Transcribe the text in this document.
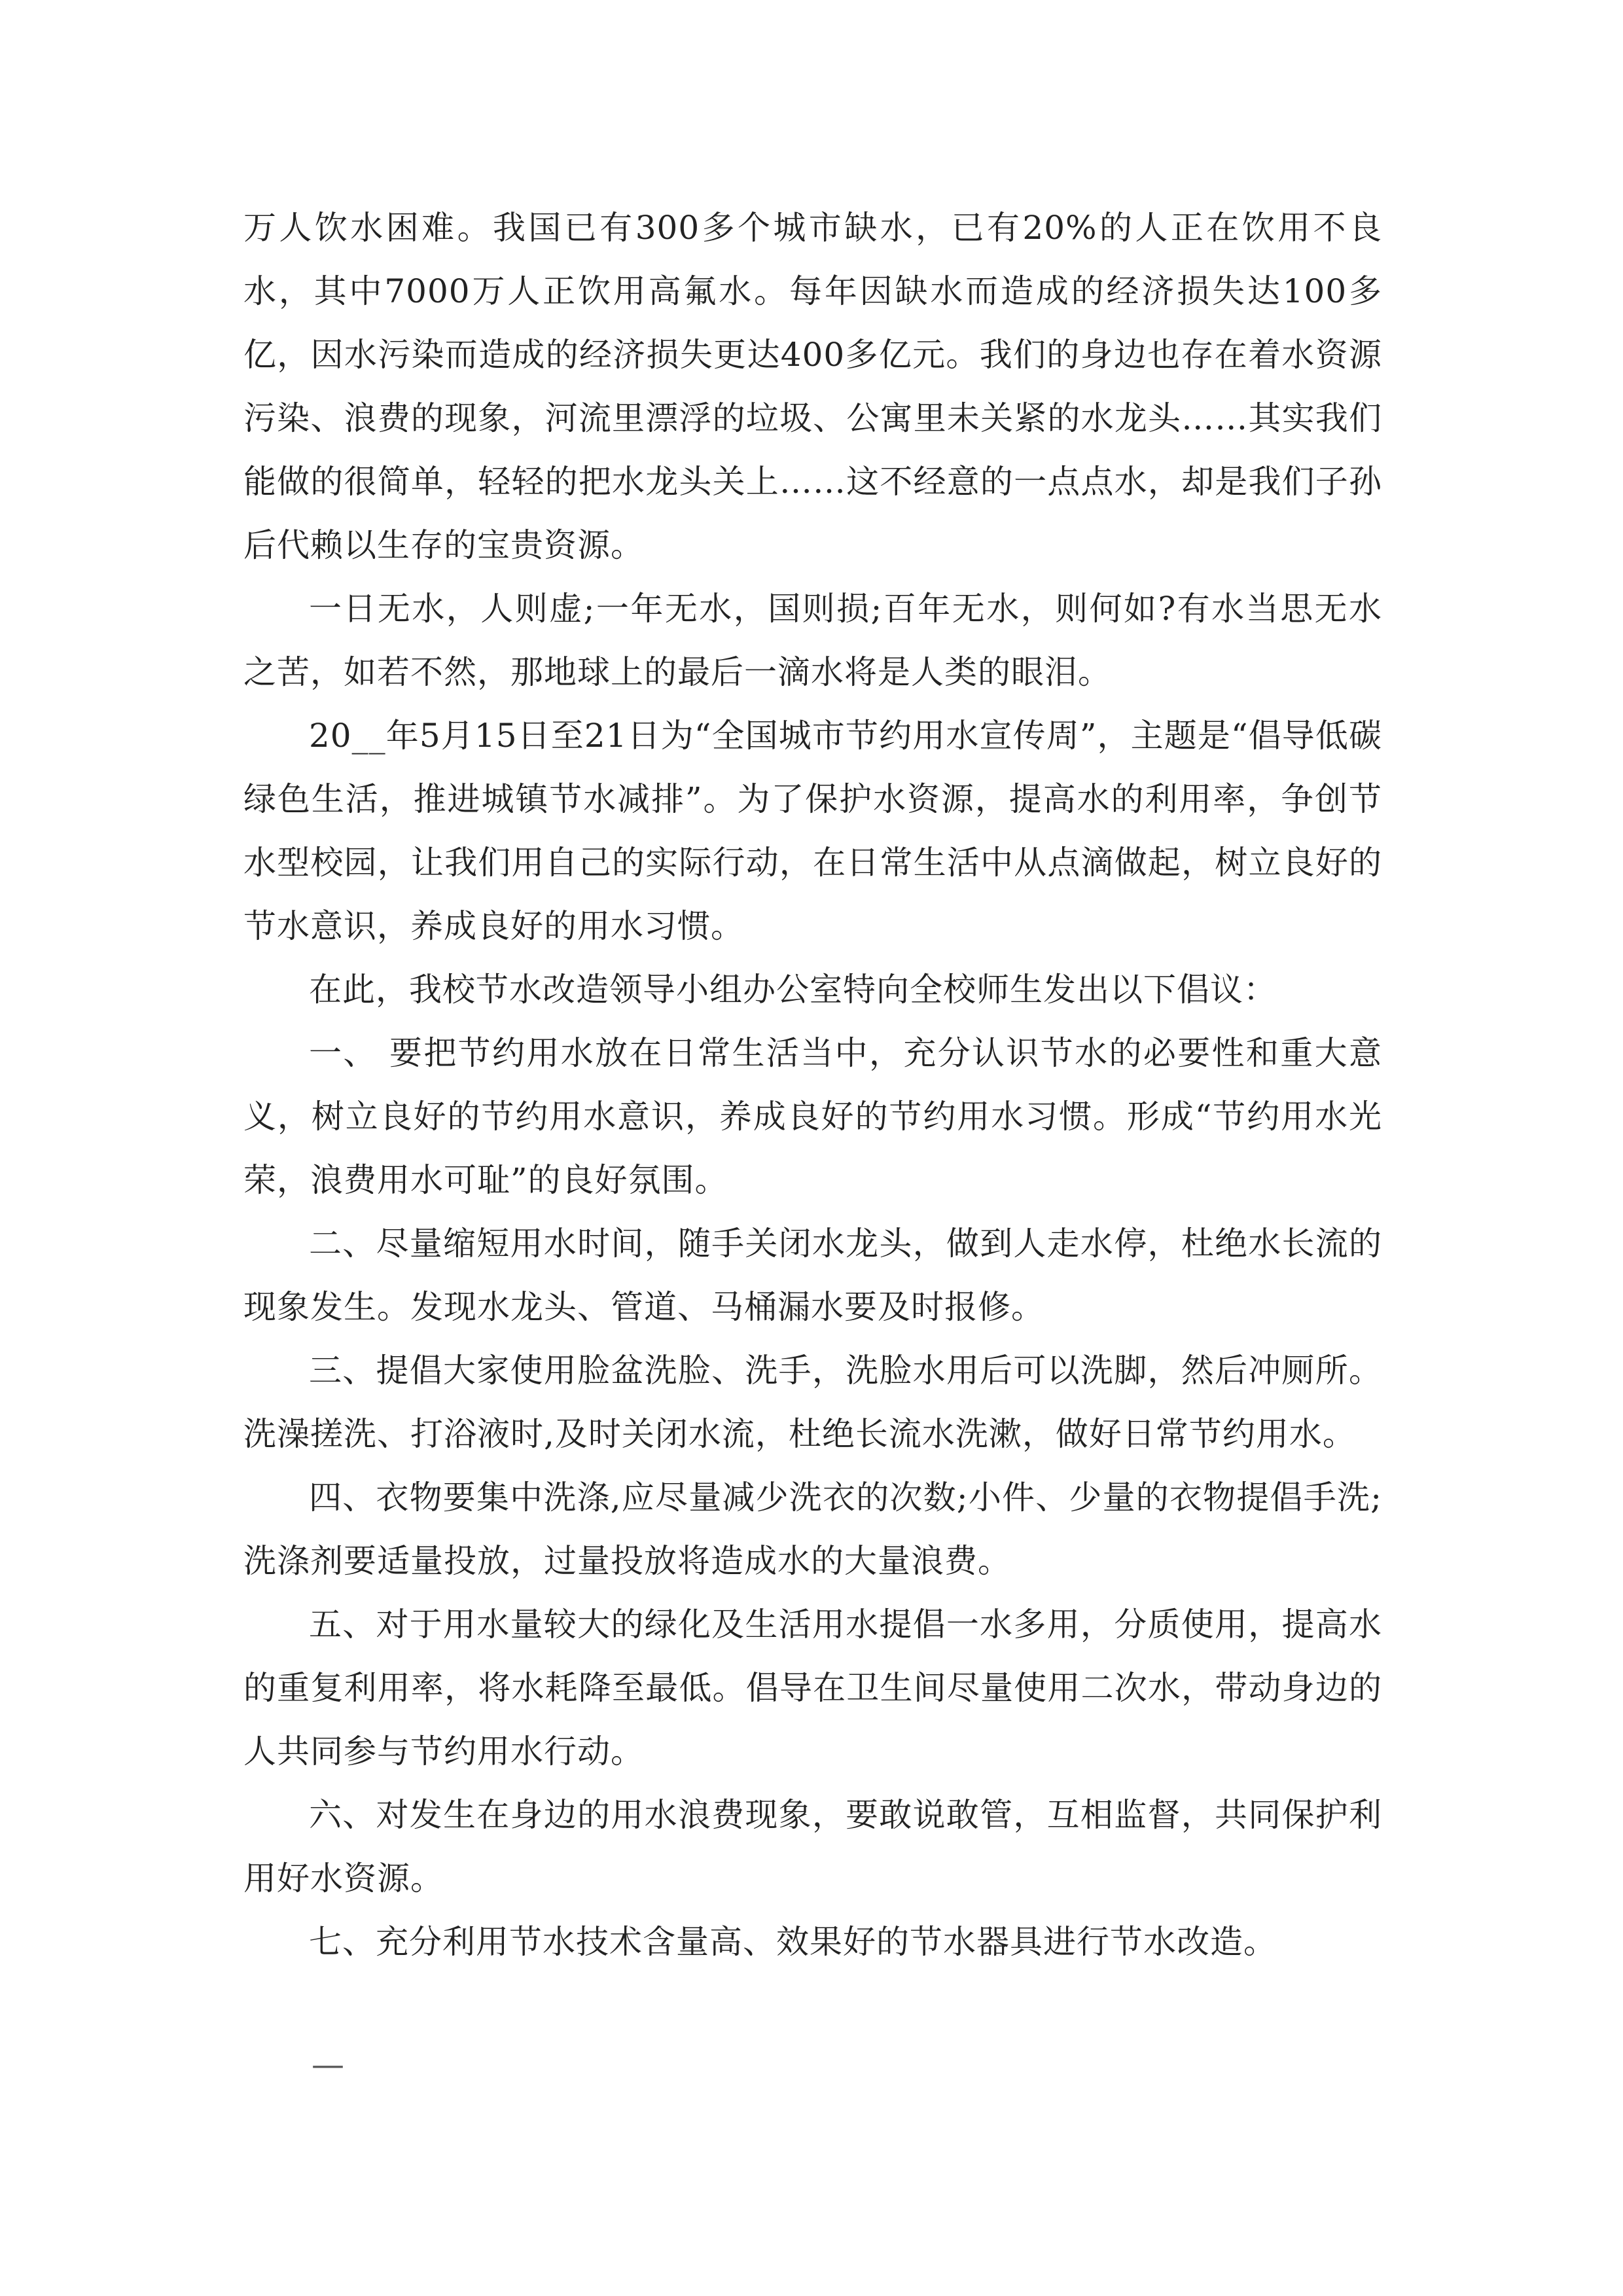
万人饮水困难。我国已有300多个城市缺水，已有20%的人正在饮用不良水，其中7000万人正饮用高氟水。每年因缺水而造成的经济损失达100多亿，因水污染而造成的经济损失更达400多亿元。我们的身边也存在着水资源污染、浪费的现象，河流里漂浮的垃圾、公寓里未关紧的水龙头……其实我们能做的很简单，轻轻的把水龙头关上……这不经意的一点点水，却是我们子孙后代赖以生存的宝贵资源。

一日无水，人则虚;一年无水，国则损;百年无水，则何如?有水当思无水之苦，如若不然，那地球上的最后一滴水将是人类的眼泪。

20__年5月15日至21日为“全国城市节约用水宣传周”，主题是“倡导低碳绿色生活，推进城镇节水减排”。为了保护水资源，提高水的利用率，争创节水型校园，让我们用自己的实际行动，在日常生活中从点滴做起，树立良好的节水意识，养成良好的用水习惯。

在此，我校节水改造领导小组办公室特向全校师生发出以下倡议：

一、 要把节约用水放在日常生活当中，充分认识节水的必要性和重大意义，树立良好的节约用水意识，养成良好的节约用水习惯。形成“节约用水光荣，浪费用水可耻”的良好氛围。

二、尽量缩短用水时间，随手关闭水龙头，做到人走水停，杜绝水长流的现象发生。发现水龙头、管道、马桶漏水要及时报修。

三、提倡大家使用脸盆洗脸、洗手，洗脸水用后可以洗脚，然后冲厕所。洗澡搓洗、打浴液时,及时关闭水流，杜绝长流水洗漱，做好日常节约用水。

四、衣物要集中洗涤,应尽量减少洗衣的次数;小件、少量的衣物提倡手洗;洗涤剂要适量投放，过量投放将造成水的大量浪费。

五、对于用水量较大的绿化及生活用水提倡一水多用，分质使用，提高水的重复利用率，将水耗降至最低。倡导在卫生间尽量使用二次水，带动身边的人共同参与节约用水行动。

六、对发生在身边的用水浪费现象，要敢说敢管，互相监督，共同保护利用好水资源。

七、充分利用节水技术含量高、效果好的节水器具进行节水改造。

—
